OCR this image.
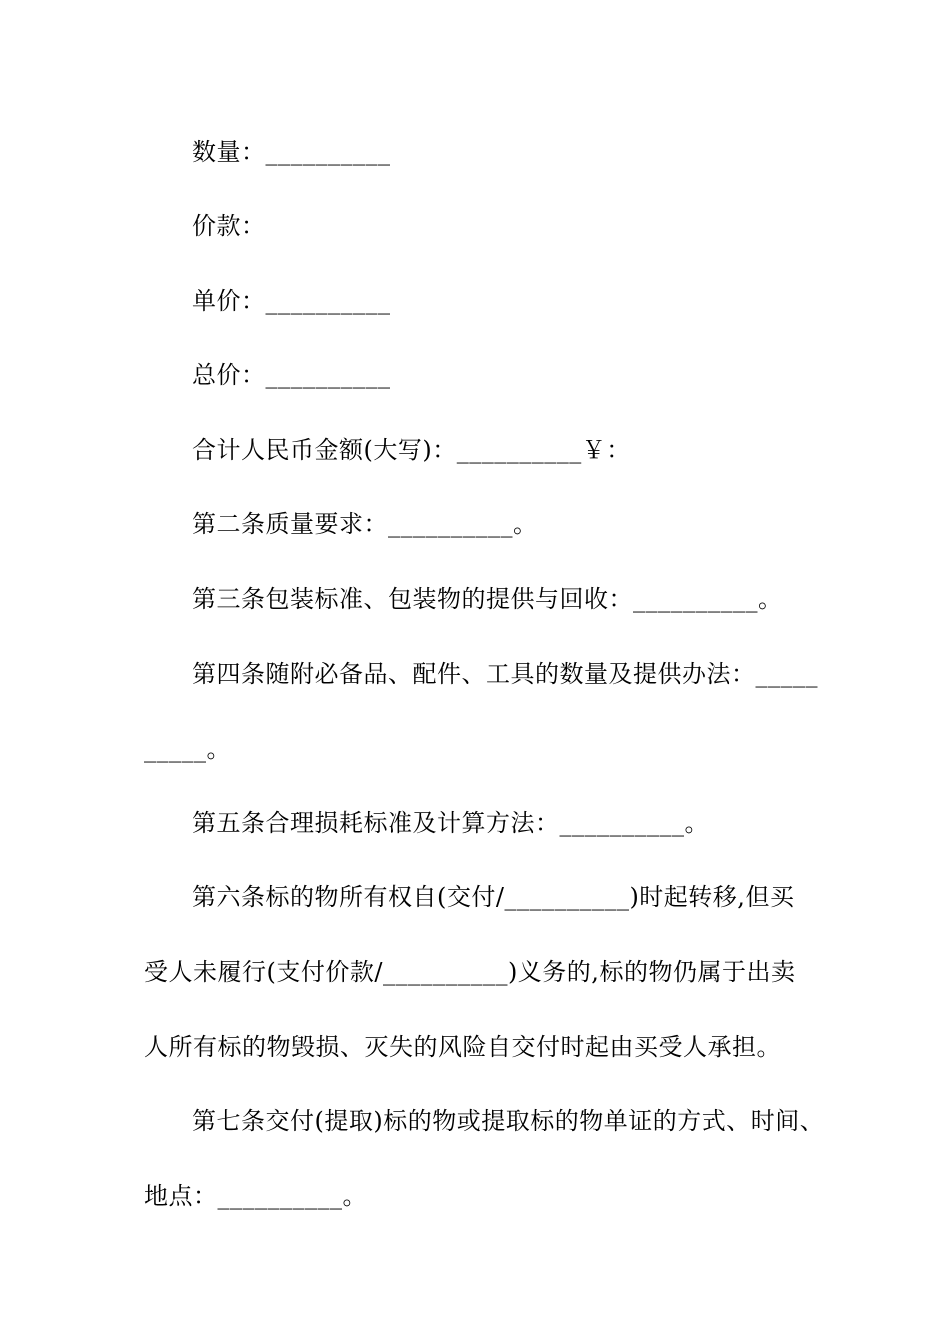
数量：__________
价款：
单价：__________
总价：__________
合计人民币金额(大写)：__________￥：
第二条质量要求：__________。
第三条包装标准、包装物的提供与回收：__________。
第四条随附必备品、配件、工具的数量及提供办法：_____
_____。
第五条合理损耗标准及计算方法：__________。
第六条标的物所有权自(交付/__________)时起转移,但买
受人未履行(支付价款/__________)义务的,标的物仍属于出卖
人所有标的物毁损、灭失的风险自交付时起由买受人承担。
第七条交付(提取)标的物或提取标的物单证的方式、时间、
地点：__________。
